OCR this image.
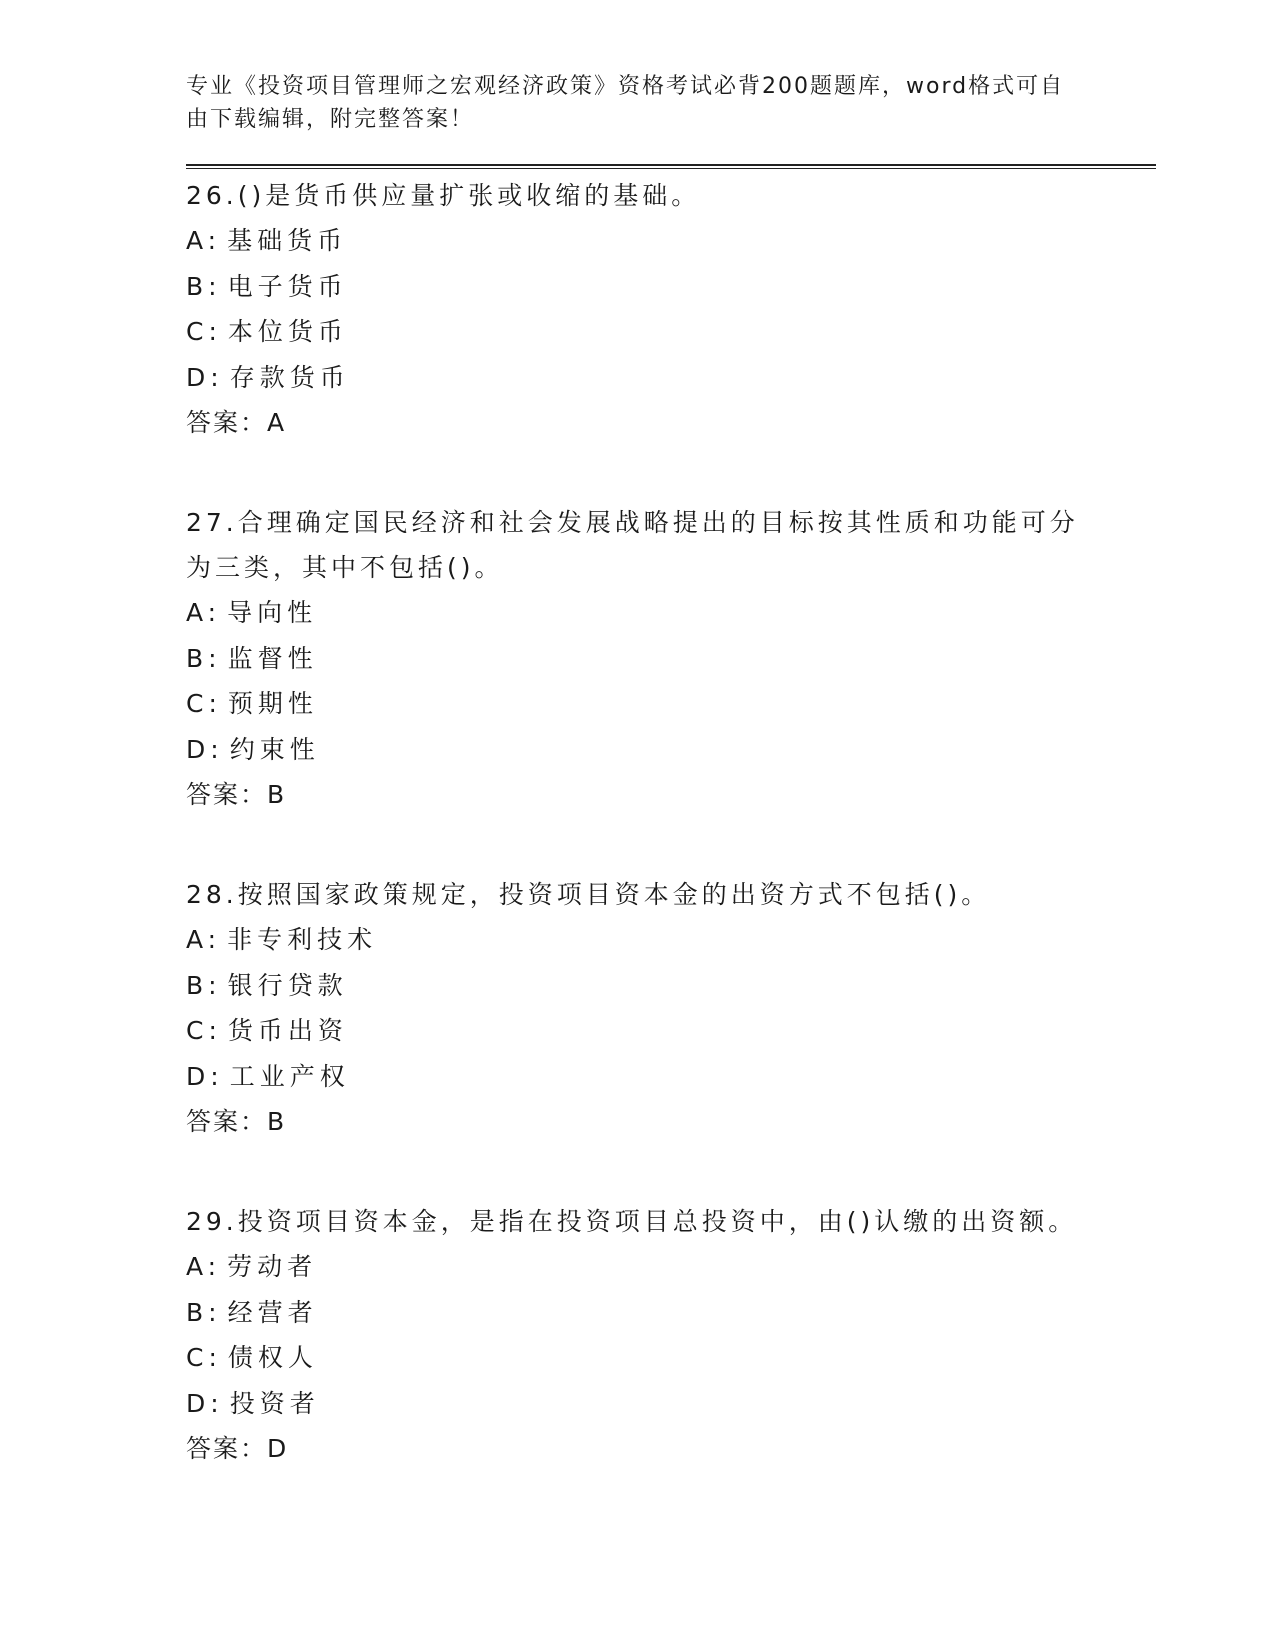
专业《投资项目管理师之宏观经济政策》资格考试必背200题题库，word格式可自由下载编辑，附完整答案！

26.()是货币供应量扩张或收缩的基础。

A: 基础货币

B: 电子货币

C: 本位货币

D: 存款货币

答案：A

27.合理确定国民经济和社会发展战略提出的目标按其性质和功能可分为三类，其中不包括()。

A: 导向性

B: 监督性

C: 预期性

D: 约束性

答案：B

28.按照国家政策规定，投资项目资本金的出资方式不包括()。

A: 非专利技术

B: 银行贷款

C: 货币出资

D: 工业产权

答案：B

29.投资项目资本金，是指在投资项目总投资中，由()认缴的出资额。

A: 劳动者

B: 经营者

C: 债权人

D: 投资者

答案：D
